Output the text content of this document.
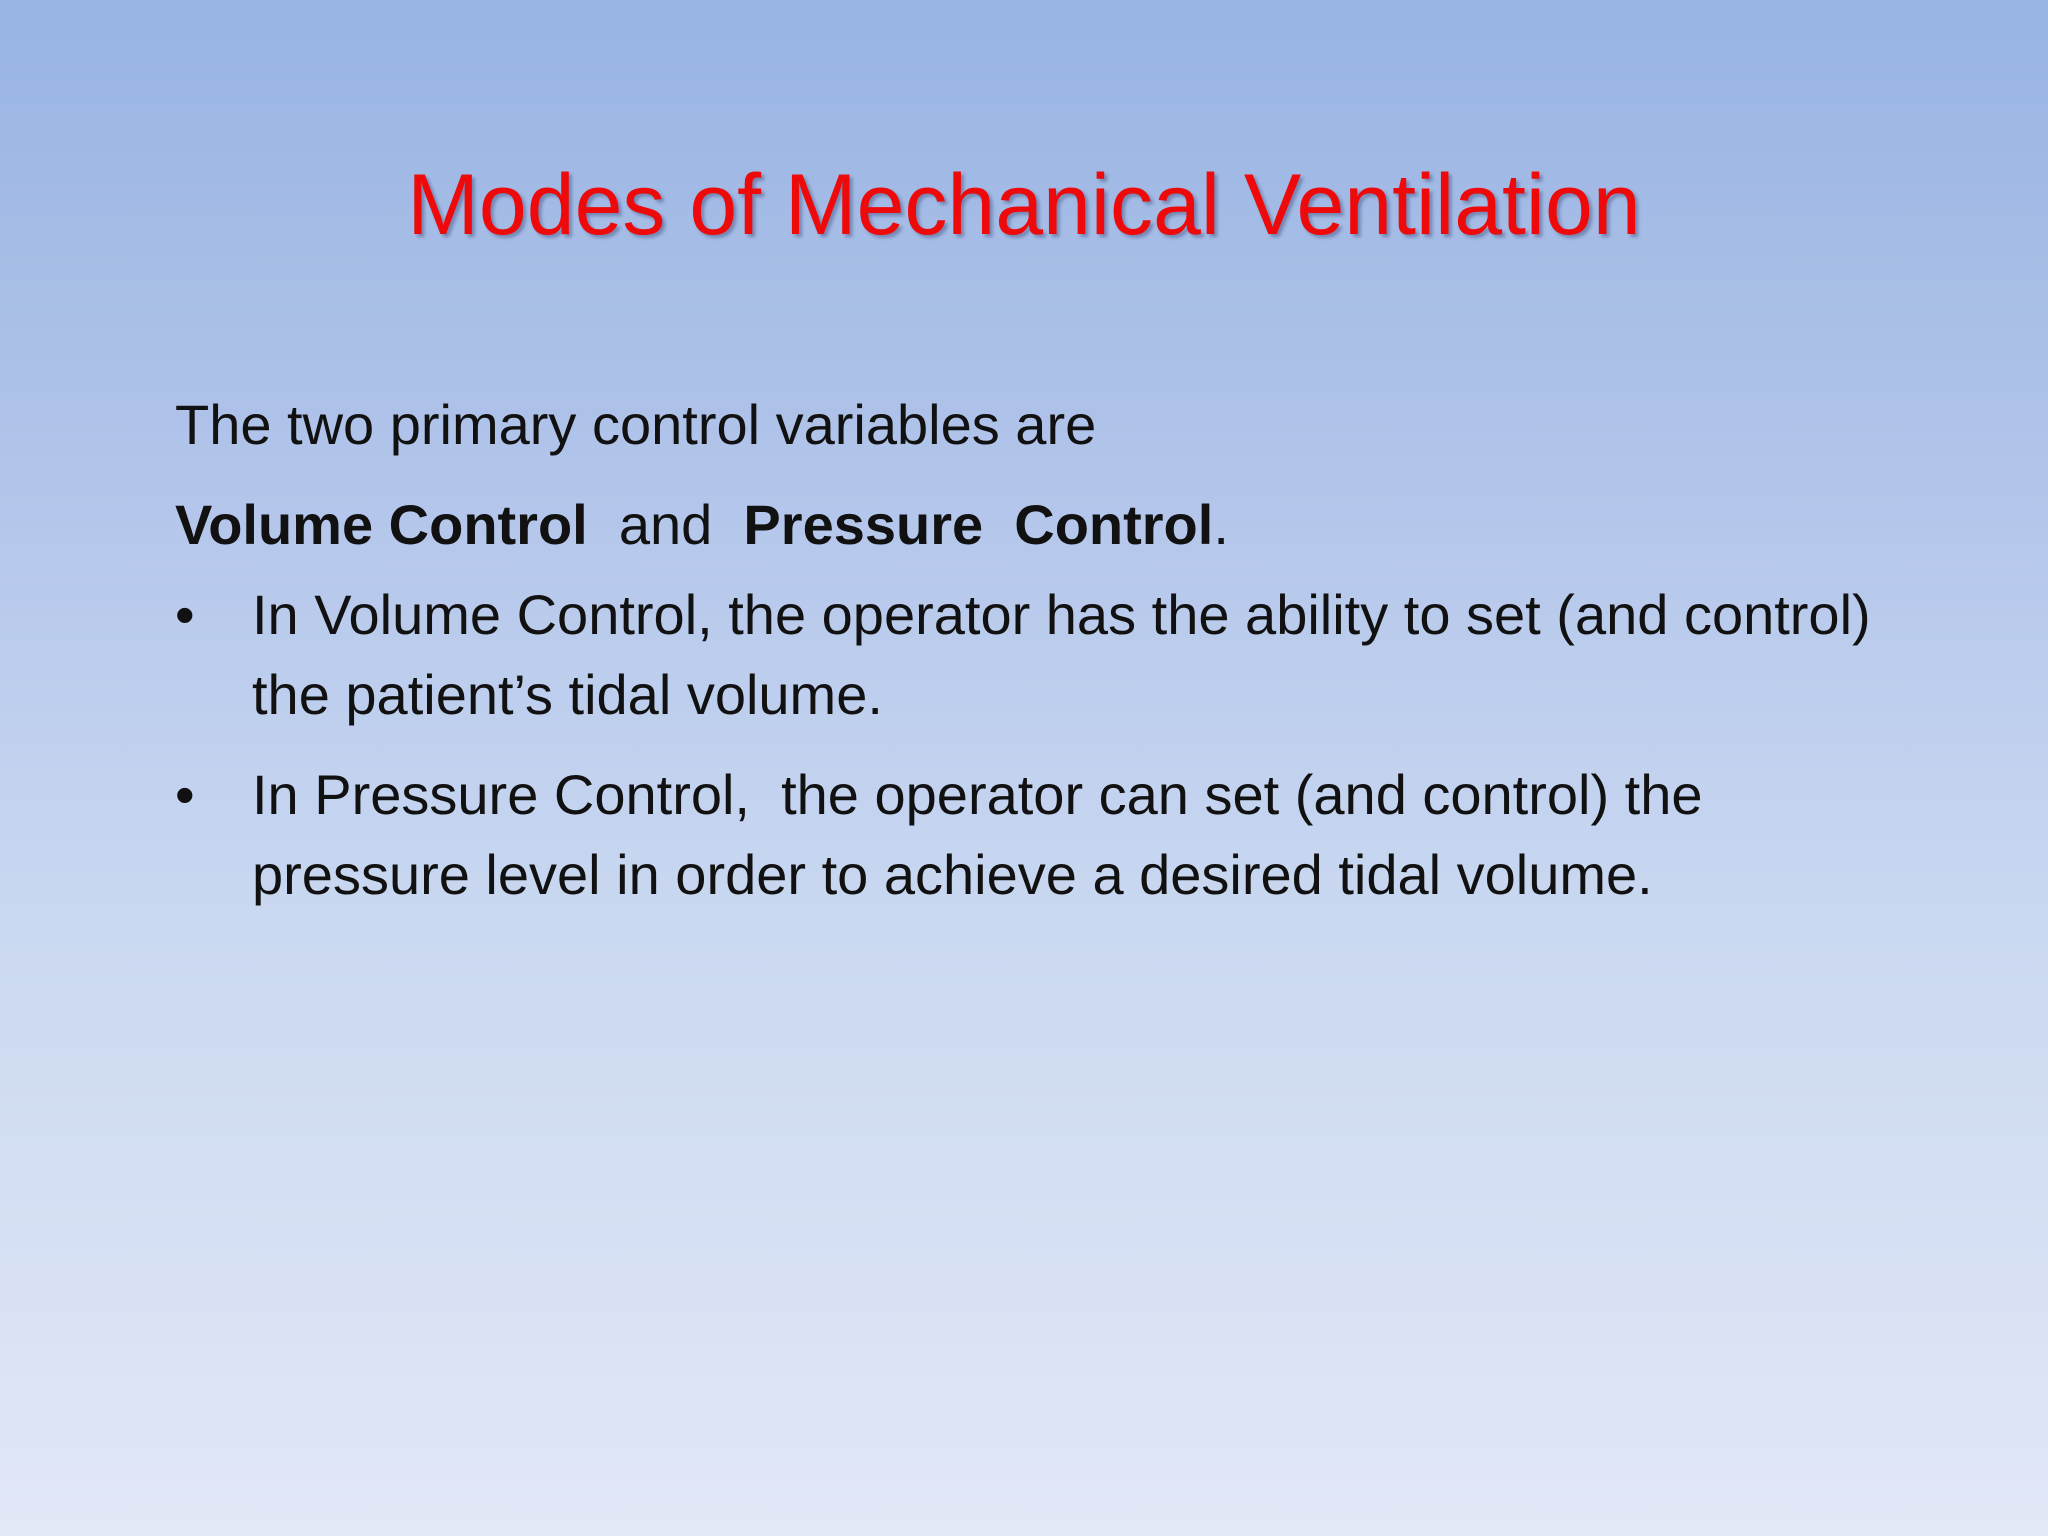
Modes of Mechanical Ventilation
The two primary control variables are
Volume Control and Pressure  Control.
•	In Volume Control, the operator has the ability to set (and control) the patient’s tidal volume.
•	In Pressure Control,  the operator can set (and control) the pressure level in order to achieve a desired tidal volume.
